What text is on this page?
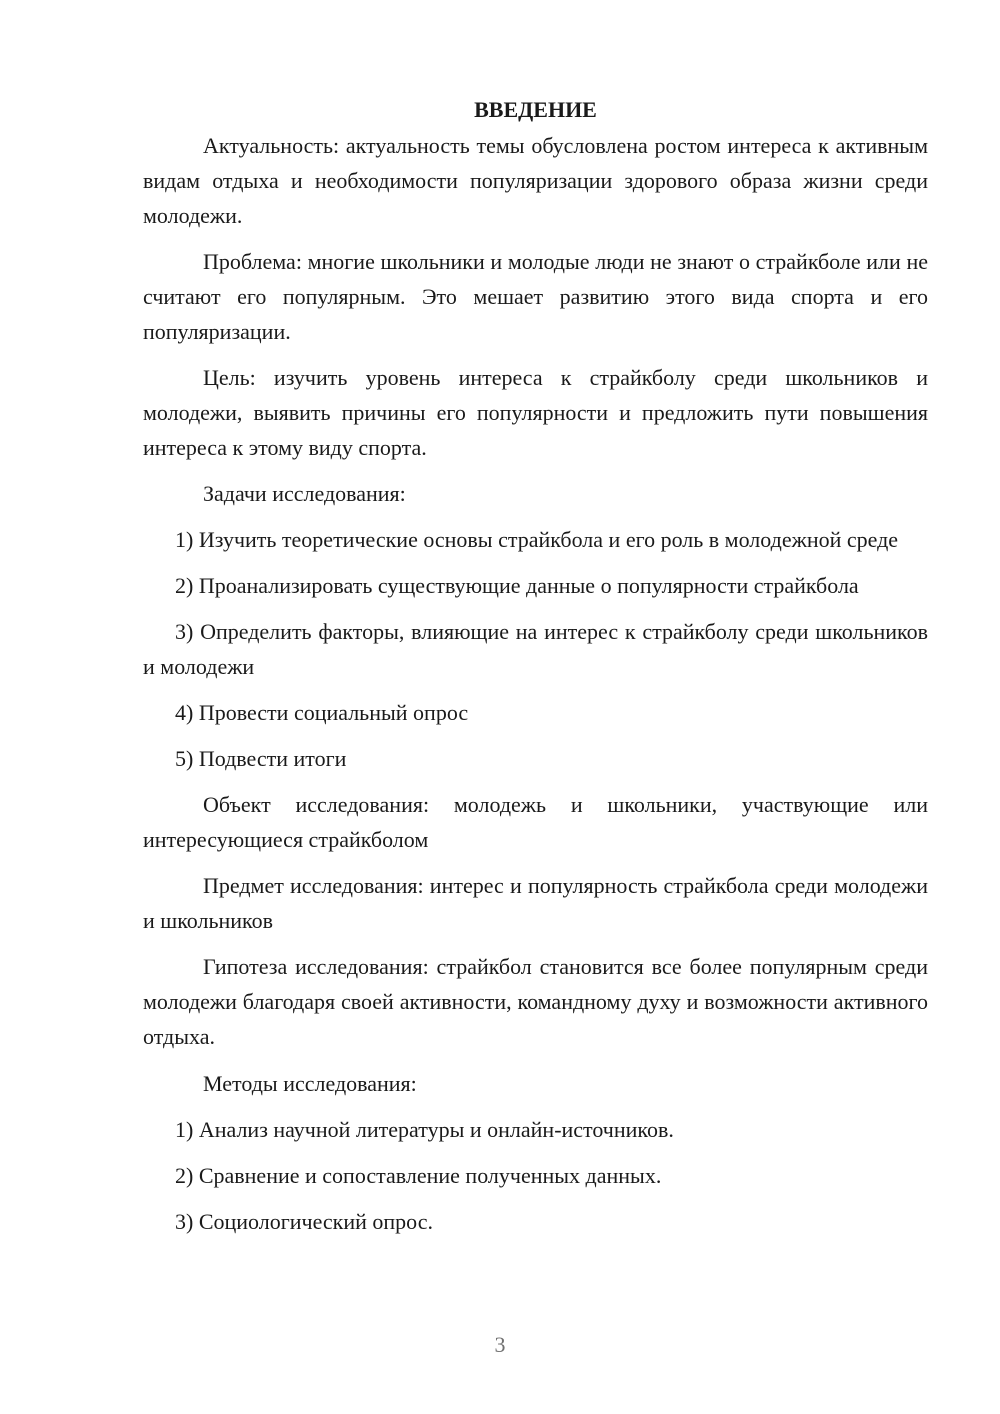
ВВЕДЕНИЕ

Актуальность: актуальность темы обусловлена ростом интереса к активным видам отдыха и необходимости популяризации здорового образа жизни среди молодежи.

Проблема: многие школьники и молодые люди не знают о страйкболе или не считают его популярным. Это мешает развитию этого вида спорта и его популяризации.

Цель: изучить уровень интереса к страйкболу среди школьников и молодежи, выявить причины его популярности и предложить пути повышения интереса к этому виду спорта.

Задачи исследования:

1) Изучить теоретические основы страйкбола и его роль в молодежной среде

2) Проанализировать существующие данные о популярности страйкбола

3) Определить факторы, влияющие на интерес к страйкболу среди школьников и молодежи

4) Провести социальный опрос

5) Подвести итоги

Объект исследования: молодежь и школьники, участвующие или интересующиеся страйкболом

Предмет исследования: интерес и популярность страйкбола среди молодежи и школьников

Гипотеза исследования: страйкбол становится все более популярным среди молодежи благодаря своей активности, командному духу и возможности активного отдыха.

Методы исследования:

1) Анализ научной литературы и онлайн-источников.

2) Сравнение и сопоставление полученных данных.

3) Социологический опрос.

3
